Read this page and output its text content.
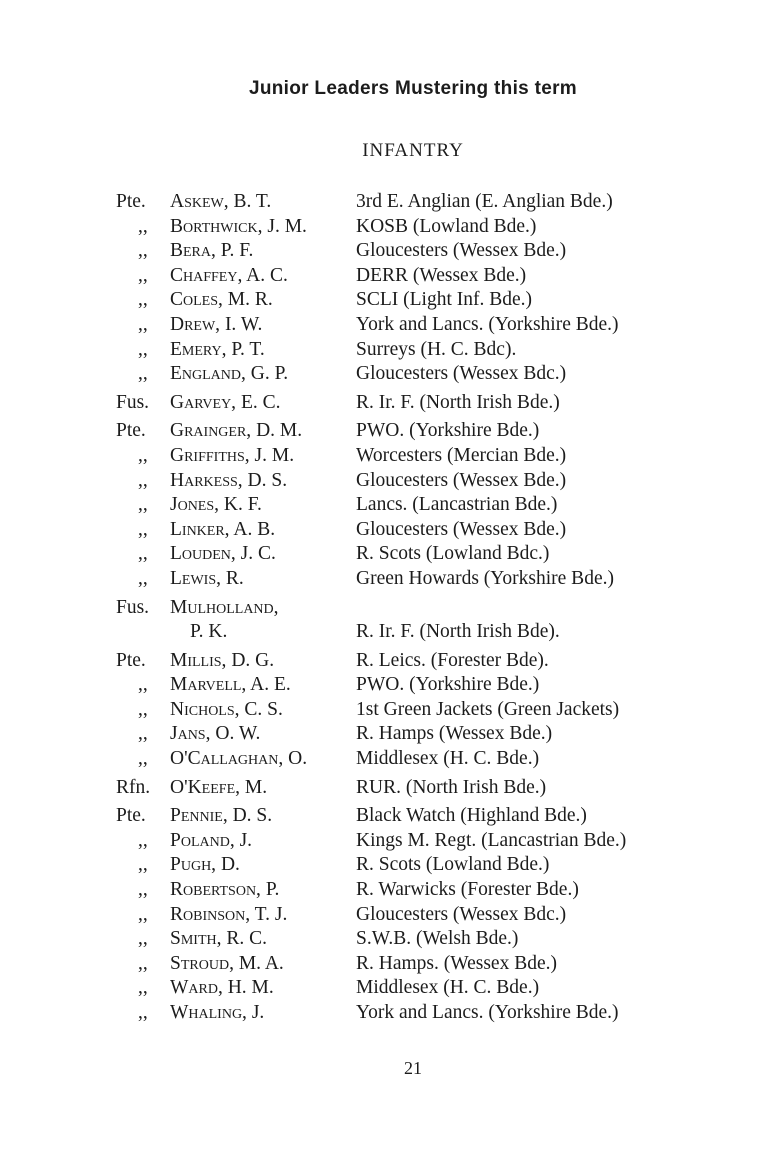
Junior Leaders Mustering this term
INFANTRY
Pte.	Askew, B. T.	3rd E. Anglian (E. Anglian Bde.)
,,	Borthwick, J. M.	KOSB (Lowland Bde.)
,,	Bera, P. F.	Gloucesters (Wessex Bde.)
,,	Chaffey, A. C.	DERR (Wessex Bde.)
,,	Coles, M. R.	SCLI (Light Inf. Bde.)
,,	Drew, I. W.	York and Lancs. (Yorkshire Bde.)
,,	Emery, P. T.	Surreys (H. C. Bdc).
,,	England, G. P.	Gloucesters (Wessex Bdc.)
Fus.	Garvey, E. C.	R. Ir. F. (North Irish Bde.)
Pte.	Grainger, D. M.	PWO. (Yorkshire Bde.)
,,	Griffiths, J. M.	Worcesters (Mercian Bde.)
,,	Harkess, D. S.	Gloucesters (Wessex Bde.)
,,	Jones, K. F.	Lancs. (Lancastrian Bde.)
,,	Linker, A. B.	Gloucesters (Wessex Bde.)
,,	Louden, J. C.	R. Scots (Lowland Bdc.)
,,	Lewis, R.	Green Howards (Yorkshire Bde.)
Fus.	Mulholland,
P. K.	R. Ir. F. (North Irish Bde).
Pte.	Millis, D. G.	R. Leics. (Forester Bde).
,,	Marvell, A. E.	PWO. (Yorkshire Bde.)
,,	Nichols, C. S.	1st Green Jackets (Green Jackets)
,,	Jans, O. W.	R. Hamps (Wessex Bde.)
,,	O'Callaghan, O.	Middlesex (H. C. Bde.)
Rfn.	O'Keefe, M.	RUR. (North Irish Bde.)
Pte.	Pennie, D. S.	Black Watch (Highland Bde.)
,,	Poland, J.	Kings M. Regt. (Lancastrian Bde.)
,,	Pugh, D.	R. Scots (Lowland Bde.)
,,	Robertson, P.	R. Warwicks (Forester Bde.)
,,	Robinson, T. J.	Gloucesters (Wessex Bdc.)
,,	Smith, R. C.	S.W.B. (Welsh Bde.)
,,	Stroud, M. A.	R. Hamps. (Wessex Bde.)
,,	Ward, H. M.	Middlesex (H. C. Bde.)
,,	Whaling, J.	York and Lancs. (Yorkshire Bde.)
21
